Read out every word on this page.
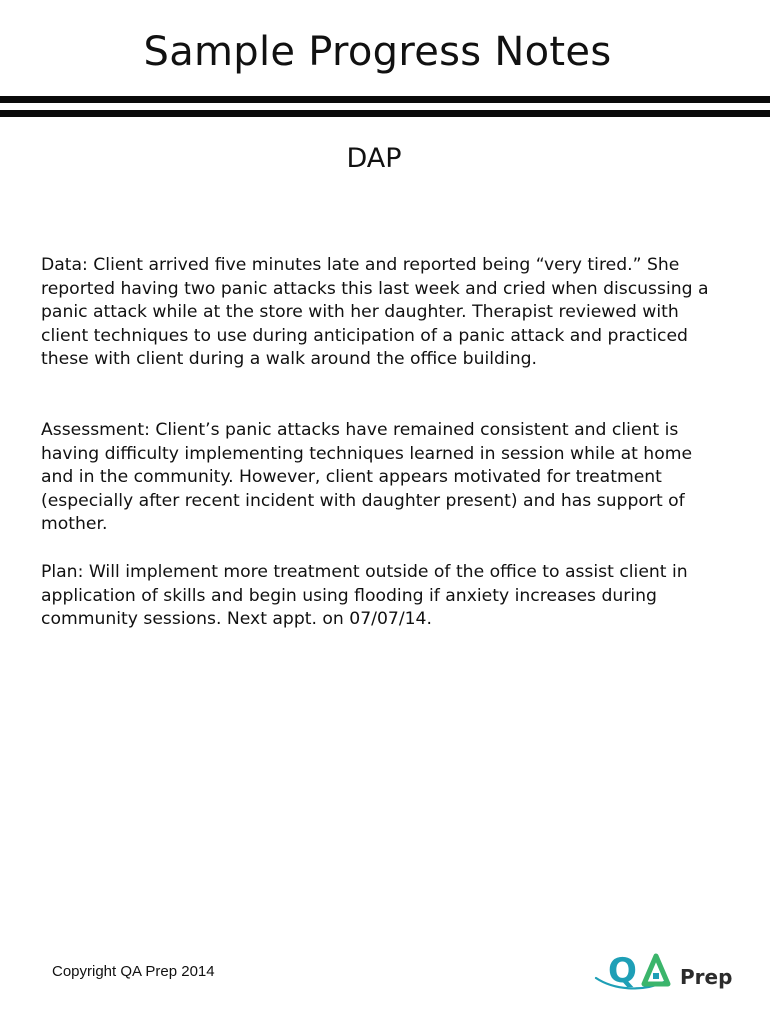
Sample Progress Notes
DAP

Data: Client arrived five minutes late and reported being “very tired.” She reported having two panic attacks this last week and cried when discussing a panic attack while at the store with her daughter. Therapist reviewed with client techniques to use during anticipation of a panic attack and practiced these with client during a walk around the office building.

Assessment: Client’s panic attacks have remained consistent and client is having difficulty implementing techniques learned in session while at home and in the community. However, client appears motivated for treatment (especially after recent incident with daughter present) and has support of mother.

Plan: Will implement more treatment outside of the office to assist client in application of skills and begin using flooding if anxiety increases during community sessions. Next appt. on 07/07/14.

Copyright QA Prep 2014	Q Prep
